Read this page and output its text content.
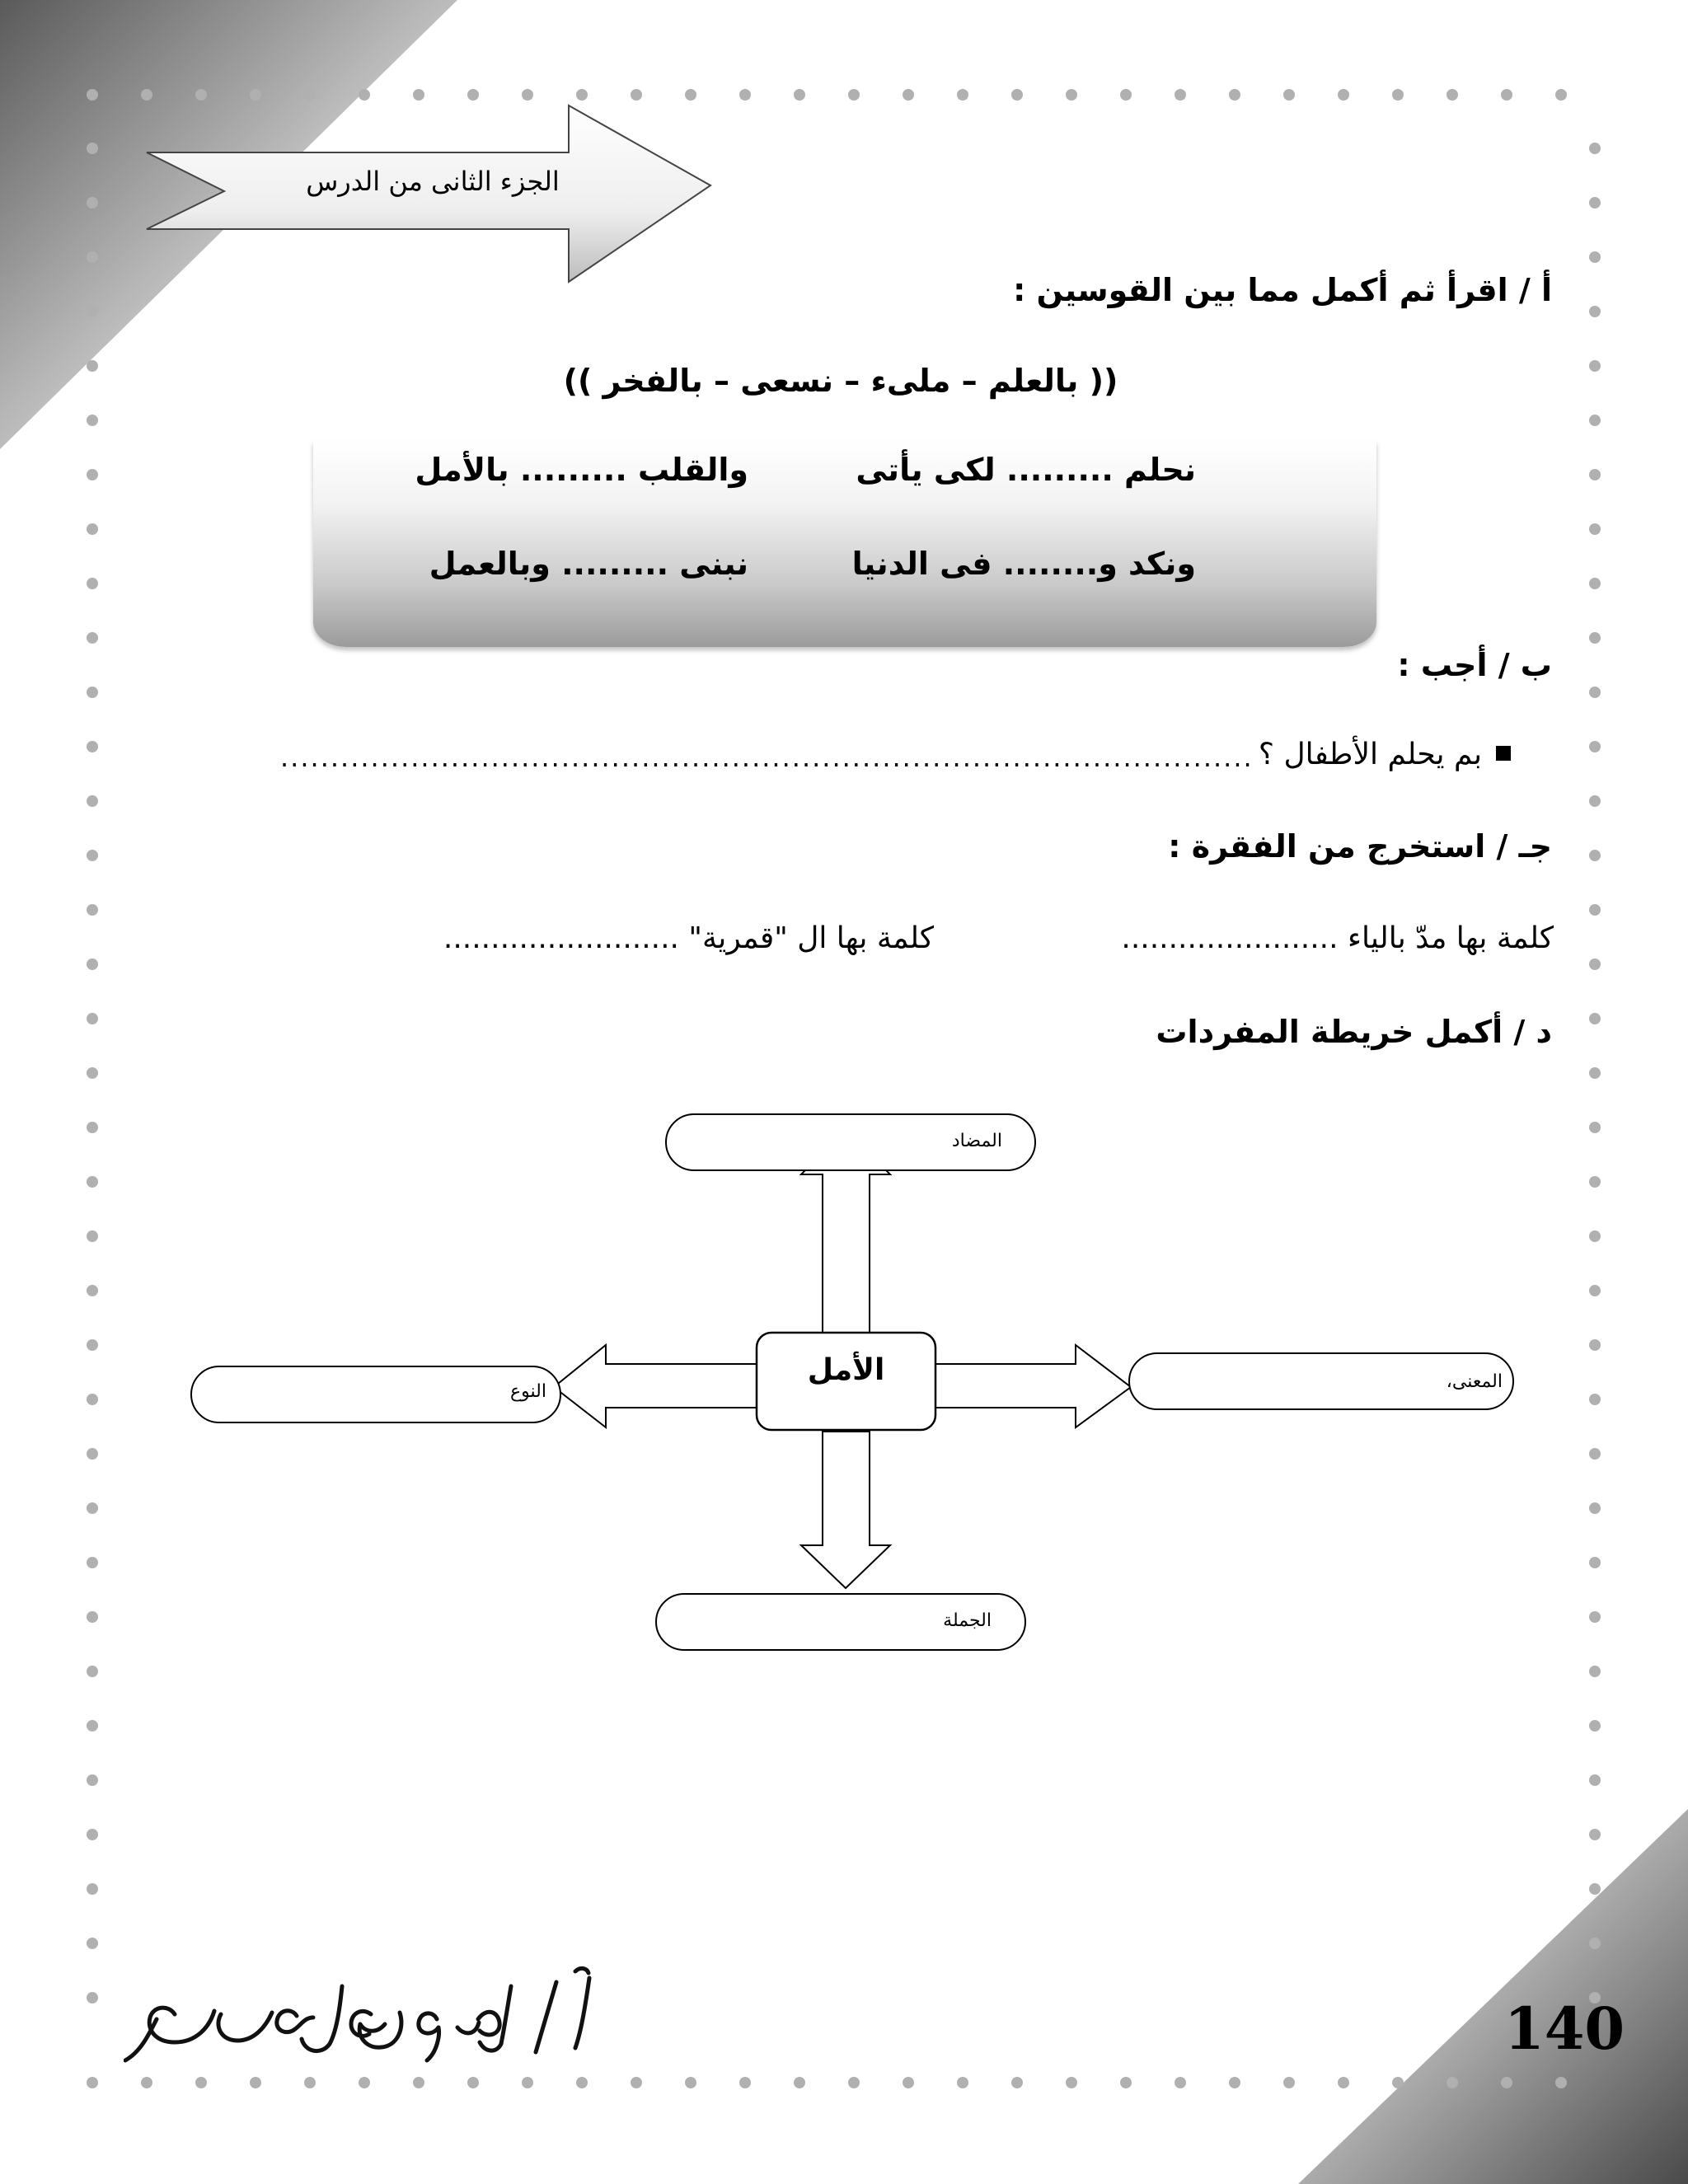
الجزء الثانى من الدرس
أ / اقرأ ثم أكمل مما بين القوسين :
(( بالعلم – ملىء – نسعى – بالفخر ))
نحلم ......... لكى يأتى
والقلب ......... بالأمل
ونكد و........ فى الدنيا
نبنى ......... وبالعمل
ب / أجب :
بم يحلم الأطفال ؟
.................................................................................................
جـ / استخرج من الفقرة :
كلمة بها مدّ بالياء .......................
كلمة بها ال "قمرية" .........................
د / أكمل خريطة المفردات
الأمل
المضاد
المعنى،
النوع
الجملة
140
